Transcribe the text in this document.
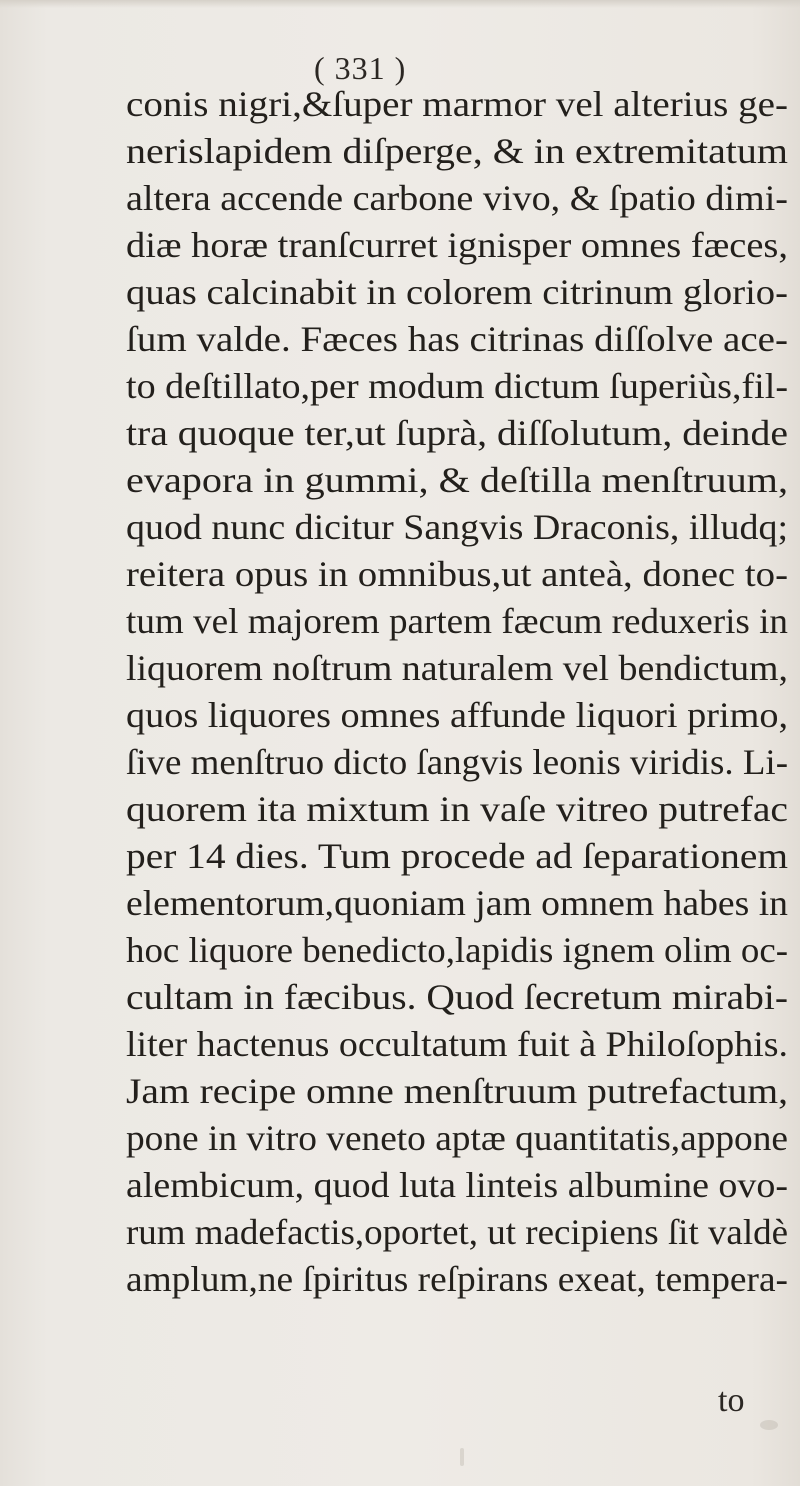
( 331 )
conis nigri,&ſuper marmor vel alterius ge-
nerislapidem diſperge, & in extremitatum
altera accende carbone vivo, & ſpatio dimi-
diæ horæ tranſcurret ignisper omnes fæces,
quas calcinabit in colorem citrinum glorio-
ſum valde. Fæces has citrinas diſſolve ace-
to deſtillato,per modum dictum ſuperiùs,fil-
tra quoque ter,ut ſuprà, diſſolutum, deinde
evapora in gummi, & deſtilla menſtruum,
quod nunc dicitur Sangvis Draconis, illudq;
reitera opus in omnibus,ut anteà, donec to-
tum vel majorem partem fæcum reduxeris in
liquorem noſtrum naturalem vel bendictum,
quos liquores omnes affunde liquori primo,
ſive menſtruo dicto ſangvis leonis viridis. Li-
quorem ita mixtum in vaſe vitreo putrefac
per 14 dies. Tum procede ad ſeparationem
elementorum,quoniam jam omnem habes in
hoc liquore benedicto,lapidis ignem olim oc-
cultam in fæcibus. Quod ſecretum mirabi-
liter hactenus occultatum fuit à Philoſophis.
Jam recipe omne menſtruum putrefactum,
pone in vitro veneto aptæ quantitatis,appone
alembicum, quod luta linteis albumine ovo-
rum madefactis,oportet, ut recipiens ſit valdè
amplum,ne ſpiritus reſpirans exeat, tempera-
to
